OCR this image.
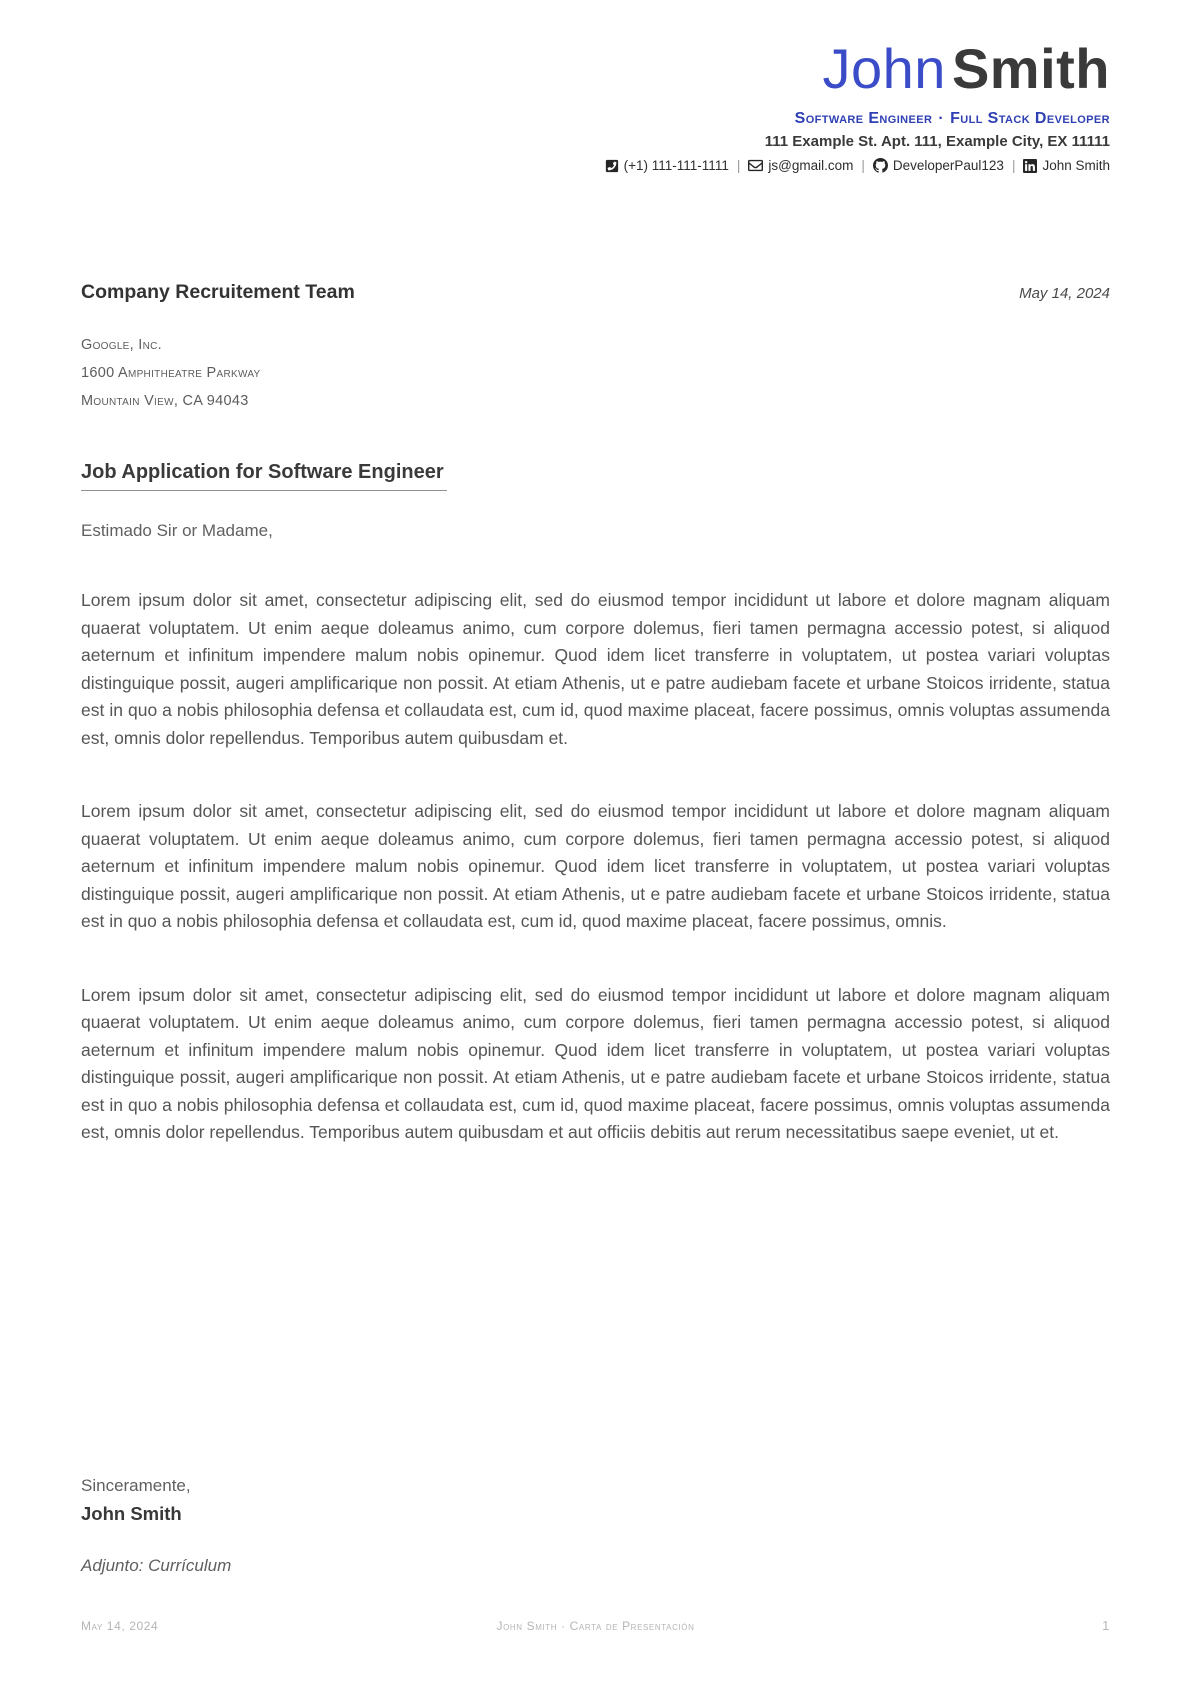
John Smith
Software Engineer · Full Stack Developer
111 Example St. Apt. 111, Example City, EX 11111
(+1) 111-111-1111 | js@gmail.com | DeveloperPaul123 | John Smith
Company Recruitement Team	May 14, 2024
Google, Inc.
1600 Amphitheatre Parkway
Mountain View, CA 94043
Job Application for Software Engineer

Estimado Sir or Madame,

Lorem ipsum dolor sit amet, consectetur adipiscing elit, sed do eiusmod tempor incididunt ut labore et dolore magnam aliquam quaerat voluptatem. Ut enim aeque doleamus animo, cum corpore dolemus, fieri tamen permagna accessio potest, si aliquod aeternum et infinitum impendere malum nobis opinemur. Quod idem licet transferre in voluptatem, ut postea variari voluptas distinguique possit, augeri amplificarique non possit. At etiam Athenis, ut e patre audiebam facete et urbane Stoicos irridente, statua est in quo a nobis philosophia defensa et collaudata est, cum id, quod maxime placeat, facere possimus, omnis voluptas assumenda est, omnis dolor repellendus. Temporibus autem quibusdam et.

Lorem ipsum dolor sit amet, consectetur adipiscing elit, sed do eiusmod tempor incididunt ut labore et dolore magnam aliquam quaerat voluptatem. Ut enim aeque doleamus animo, cum corpore dolemus, fieri tamen permagna accessio potest, si aliquod aeternum et infinitum impendere malum nobis opinemur. Quod idem licet transferre in voluptatem, ut postea variari voluptas distinguique possit, augeri amplificarique non possit. At etiam Athenis, ut e patre audiebam facete et urbane Stoicos irridente, statua est in quo a nobis philosophia defensa et collaudata est, cum id, quod maxime placeat, facere possimus, omnis.

Lorem ipsum dolor sit amet, consectetur adipiscing elit, sed do eiusmod tempor incididunt ut labore et dolore magnam aliquam quaerat voluptatem. Ut enim aeque doleamus animo, cum corpore dolemus, fieri tamen permagna accessio potest, si aliquod aeternum et infinitum impendere malum nobis opinemur. Quod idem licet transferre in voluptatem, ut postea variari voluptas distinguique possit, augeri amplificarique non possit. At etiam Athenis, ut e patre audiebam facete et urbane Stoicos irridente, statua est in quo a nobis philosophia defensa et collaudata est, cum id, quod maxime placeat, facere possimus, omnis voluptas assumenda est, omnis dolor repellendus. Temporibus autem quibusdam et aut officiis debitis aut rerum necessitatibus saepe eveniet, ut et.

Sinceramente,
John Smith
Adjunto: Currículum
May 14, 2024	John Smith · Carta de Presentación	1
